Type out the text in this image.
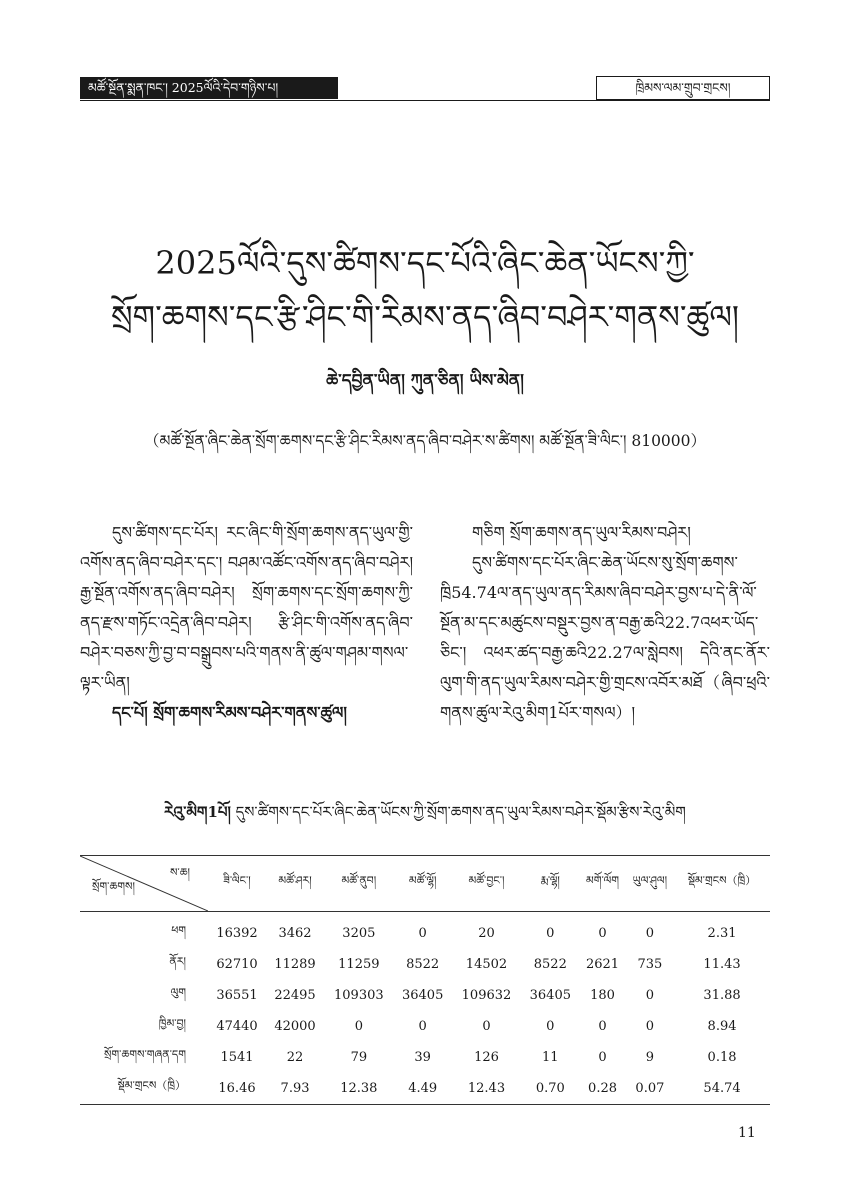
མཚོ་སྔོན་སྨན་ཁང་། 2025ལོའི་དེབ་གཉིས་པ།	ཁྲིམས་ལམ་གྲུབ་གྲངས།
2025ལོའི་དུས་ཚིགས་དང་པོའི་ཞིང་ཆེན་ཡོངས་ཀྱི་
སྲོག་ཆགས་དང་རྩི་ཤིང་གི་རིམས་ནད་ཞིབ་བཤེར་གནས་ཚུལ།
ཆེ་དབྱིན་ཡིན། ཀུན་ཅིན། ཡིས་མེན།
（མཚོ་སྔོན་ཞིང་ཆེན་སྲོག་ཆགས་དང་རྩི་ཤིང་རིམས་ནད་ཞིབ་བཤེར་ས་ཚིགས། མཚོ་སྔོན་ཟི་ལིང་། 810000）

དུས་ཚིགས་དང་པོར། རང་ཞིང་གི་སྲོག་ཆགས་ནད་ཡུལ་གྱི་འགོས་ནད་ཞིབ་བཤེར་དང་། བཤམ་འཚོང་འགོས་ནད་ཞིབ་བཤེར། རྒྱ་སྔོན་འགོས་ནད་ཞིབ་བཤེར། སྲོག་ཆགས་དང་སྲོག་ཆགས་ཀྱི་ནད་རྫས་གཏོང་འདྲེན་ཞིབ་བཤེར། རྩི་ཤིང་གི་འགོས་ནད་ཞིབ་བཤེར་བཅས་ཀྱི་བྱ་བ་བསྒྲུབས་པའི་གནས་ནི་ཚུལ་གཤམ་གསལ་ལྟར་ཡིན།

དང་པོ། སྲོག་ཆགས་རིམས་བཤེར་གནས་ཚུལ།

གཅིག སྲོག་ཆགས་ནད་ཡུལ་རིམས་བཤེར།

དུས་ཚིགས་དང་པོར་ཞིང་ཆེན་ཡོངས་སུ་སྲོག་ཆགས་ཁྲི54.74ལ་ནད་ཡུལ་ནད་རིམས་ཞིབ་བཤེར་བྱས་པ་དེ་ནི་ལོ་སྔོན་མ་དང་མཚུངས་བསྡུར་བྱས་ན་བརྒྱ་ཆའི22.7འཕར་ཡོད་ཅིང་། འཕར་ཚད་བརྒྱ་ཆའི22.27ལ་སླེབས། དེའི་ནང་ནོར་ལུག་གི་ནད་ཡུལ་རིམས་བཤེར་གྱི་གྲངས་འབོར་མཐོ（ཞིབ་ཕྲའི་གནས་ཚུལ་རེའུ་མིག1པོར་གསལ）།

རེའུ་མིག1པོ། དུས་ཚིགས་དང་པོར་ཞིང་ཆེན་ཡོངས་ཀྱི་སྲོག་ཆགས་ནད་ཡུལ་རིམས་བཤེར་སྡོམ་རྩིས་རེའུ་མིག
ས་ཆ།
སྲོག་ཆགས།	ཟི་ལིང་།	མཚོ་ཤར།	མཚོ་ནུབ།	མཚོ་ལྷོ།	མཚོ་བྱང་།	རྨ་ལྷོ།	མགོ་ལོག	ཡུལ་ཤུལ།	སྡོམ་གྲངས（ཁྲི）
ཕག	16392	3462	3205	0	20	0	0	0	2.31
ནོར།	62710	11289	11259	8522	14502	8522	2621	735	11.43
ལུག	36551	22495	109303	36405	109632	36405	180	0	31.88
ཁྱིམ་བྱ།	47440	42000	0	0	0	0	0	0	8.94
སྲོག་ཆགས་གཞན་དག	1541	22	79	39	126	11	0	9	0.18
སྡོམ་གྲངས（ཁྲི）	16.46	7.93	12.38	4.49	12.43	0.70	0.28	0.07	54.74
11
